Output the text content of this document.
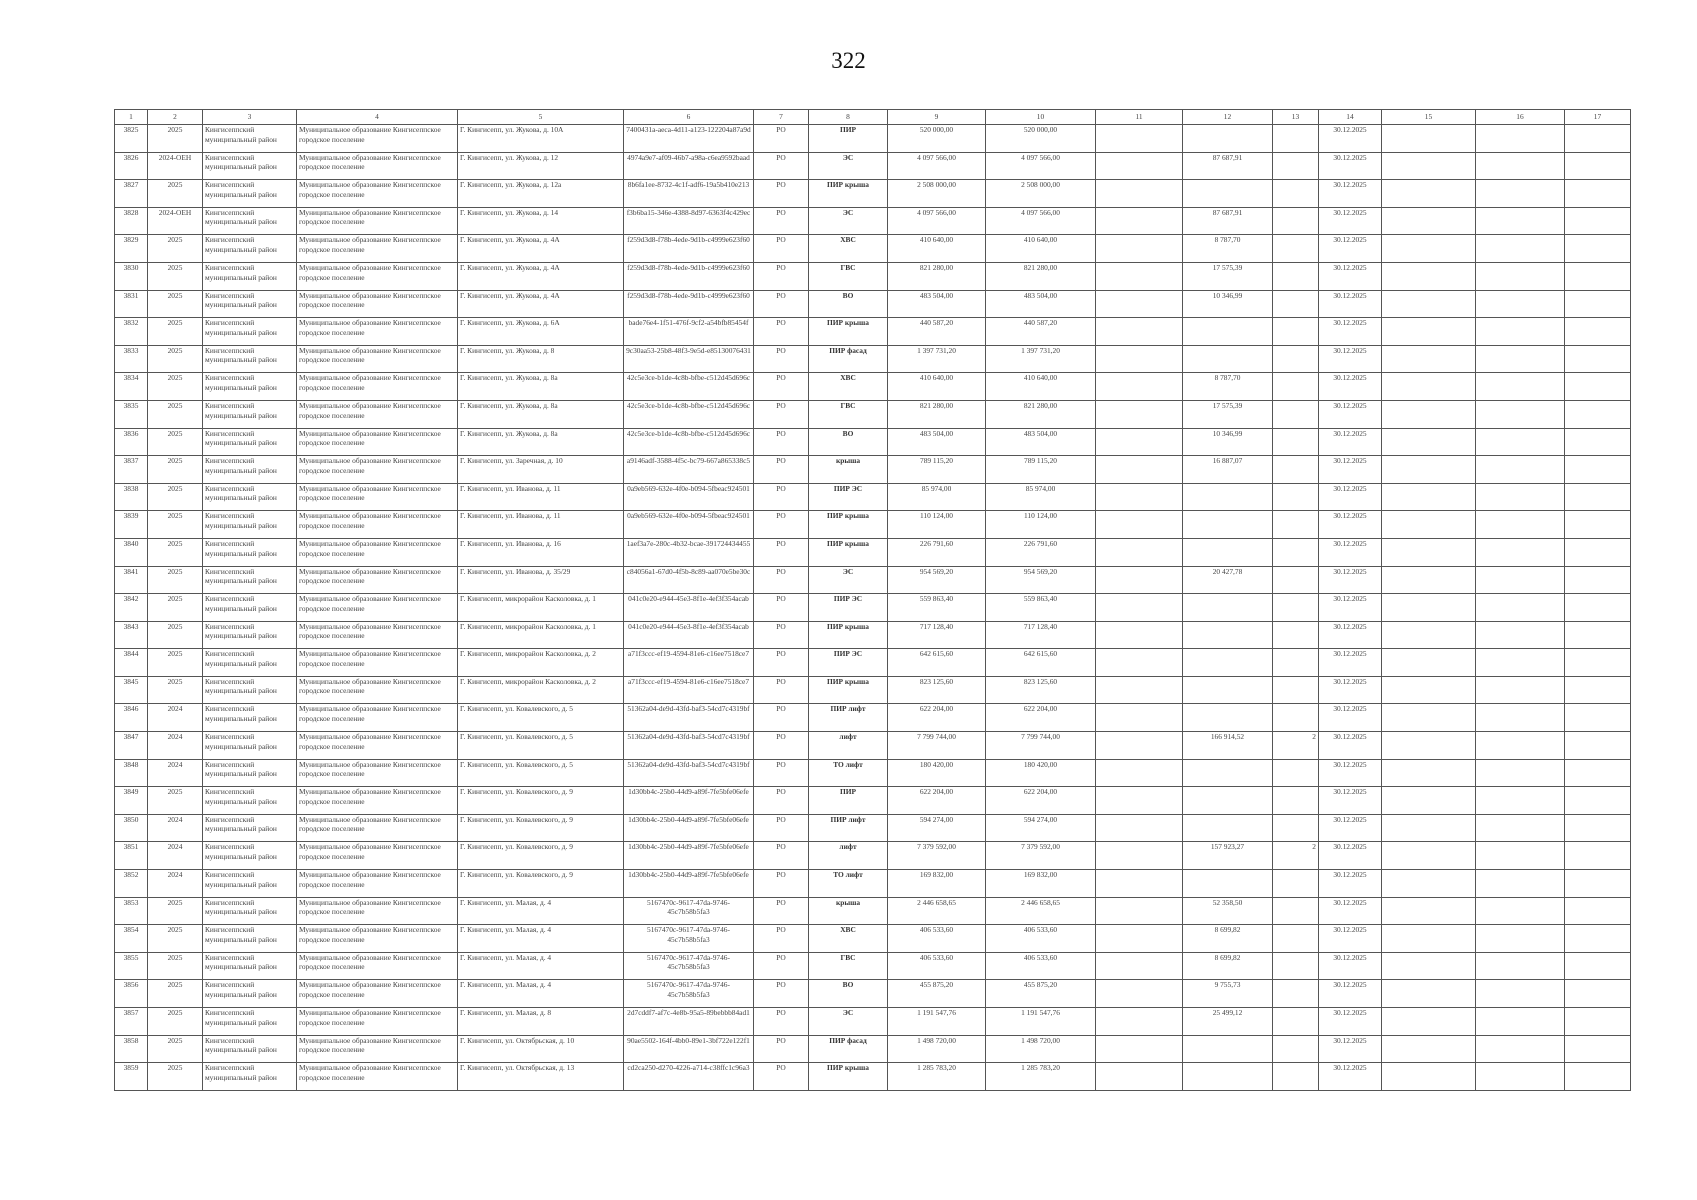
322
1	2	3	4	5	6	7	8	9	10	11	12	13	14	15	16	17
3825	2025	Кингисеппский муниципальный район	Муниципальное образование Кингисеппское городское поселение	Г. Кингисепп, ул. Жукова, д. 10А	7400431a-aeca-4d11-a123-122204a87a9d	РО	ПИР	520 000,00	520 000,00				30.12.2025			
3826	2024-ОЕН	Кингисеппский муниципальный район	Муниципальное образование Кингисеппское городское поселение	Г. Кингисепп, ул. Жукова, д. 12	4974a9e7-af09-46b7-a98a-c6ea9592baad	РО	ЭС	4 097 566,00	4 097 566,00		87 687,91		30.12.2025			
3827	2025	Кингисеппский муниципальный район	Муниципальное образование Кингисеппское городское поселение	Г. Кингисепп, ул. Жукова, д. 12а	8b6fa1ee-8732-4c1f-adf6-19a5b410e213	РО	ПИР крыша	2 508 000,00	2 508 000,00				30.12.2025			
3828	2024-ОЕН	Кингисеппский муниципальный район	Муниципальное образование Кингисеппское городское поселение	Г. Кингисепп, ул. Жукова, д. 14	f3b6ba15-346e-4388-8d97-6363f4c429ec	РО	ЭС	4 097 566,00	4 097 566,00		87 687,91		30.12.2025			
3829	2025	Кингисеппский муниципальный район	Муниципальное образование Кингисеппское городское поселение	Г. Кингисепп, ул. Жукова, д. 4А	f259d3d8-f78b-4ede-9d1b-c4999e623f60	РО	ХВС	410 640,00	410 640,00		8 787,70		30.12.2025			
3830	2025	Кингисеппский муниципальный район	Муниципальное образование Кингисеппское городское поселение	Г. Кингисепп, ул. Жукова, д. 4А	f259d3d8-f78b-4ede-9d1b-c4999e623f60	РО	ГВС	821 280,00	821 280,00		17 575,39		30.12.2025			
3831	2025	Кингисеппский муниципальный район	Муниципальное образование Кингисеппское городское поселение	Г. Кингисепп, ул. Жукова, д. 4А	f259d3d8-f78b-4ede-9d1b-c4999e623f60	РО	ВО	483 504,00	483 504,00		10 346,99		30.12.2025			
3832	2025	Кингисеппский муниципальный район	Муниципальное образование Кингисеппское городское поселение	Г. Кингисепп, ул. Жукова, д. 6А	bade76e4-1f51-476f-9cf2-a54bfb85454f	РО	ПИР крыша	440 587,20	440 587,20				30.12.2025			
3833	2025	Кингисеппский муниципальный район	Муниципальное образование Кингисеппское городское поселение	Г. Кингисепп, ул. Жукова, д. 8	9c30aa53-25b8-48f3-9e5d-e85130076431	РО	ПИР фасад	1 397 731,20	1 397 731,20				30.12.2025			
3834	2025	Кингисеппский муниципальный район	Муниципальное образование Кингисеппское городское поселение	Г. Кингисепп, ул. Жукова, д. 8а	42c5e3ce-b1de-4c8b-bfbe-c512d45d696c	РО	ХВС	410 640,00	410 640,00		8 787,70		30.12.2025			
3835	2025	Кингисеппский муниципальный район	Муниципальное образование Кингисеппское городское поселение	Г. Кингисепп, ул. Жукова, д. 8а	42c5e3ce-b1de-4c8b-bfbe-c512d45d696c	РО	ГВС	821 280,00	821 280,00		17 575,39		30.12.2025			
3836	2025	Кингисеппский муниципальный район	Муниципальное образование Кингисеппское городское поселение	Г. Кингисепп, ул. Жукова, д. 8а	42c5e3ce-b1de-4c8b-bfbe-c512d45d696c	РО	ВО	483 504,00	483 504,00		10 346,99		30.12.2025			
3837	2025	Кингисеппский муниципальный район	Муниципальное образование Кингисеппское городское поселение	Г. Кингисепп, ул. Заречная, д. 10	a9146adf-3588-4f5c-bc79-667a865338c5	РО	крыша	789 115,20	789 115,20		16 887,07		30.12.2025			
3838	2025	Кингисеппский муниципальный район	Муниципальное образование Кингисеппское городское поселение	Г. Кингисепп, ул. Иванова, д. 11	0a9eb569-632e-4f0e-b094-5fbeac924501	РО	ПИР ЭС	85 974,00	85 974,00				30.12.2025			
3839	2025	Кингисеппский муниципальный район	Муниципальное образование Кингисеппское городское поселение	Г. Кингисепп, ул. Иванова, д. 11	0a9eb569-632e-4f0e-b094-5fbeac924501	РО	ПИР крыша	110 124,00	110 124,00				30.12.2025			
3840	2025	Кингисеппский муниципальный район	Муниципальное образование Кингисеппское городское поселение	Г. Кингисепп, ул. Иванова, д. 16	1aef3a7e-280c-4b32-bcae-391724434455	РО	ПИР крыша	226 791,60	226 791,60				30.12.2025			
3841	2025	Кингисеппский муниципальный район	Муниципальное образование Кингисеппское городское поселение	Г. Кингисепп, ул. Иванова, д. 35/29	c84056a1-67d0-4f5b-8c89-aa070e5be30c	РО	ЭС	954 569,20	954 569,20		20 427,78		30.12.2025			
3842	2025	Кингисеппский муниципальный район	Муниципальное образование Кингисеппское городское поселение	Г. Кингисепп, микрорайон Касколовка, д. 1	041c0e20-e944-45e3-8f1e-4ef3f354acab	РО	ПИР ЭС	559 863,40	559 863,40				30.12.2025			
3843	2025	Кингисеппский муниципальный район	Муниципальное образование Кингисеппское городское поселение	Г. Кингисепп, микрорайон Касколовка, д. 1	041c0e20-e944-45e3-8f1e-4ef3f354acab	РО	ПИР крыша	717 128,40	717 128,40				30.12.2025			
3844	2025	Кингисеппский муниципальный район	Муниципальное образование Кингисеппское городское поселение	Г. Кингисепп, микрорайон Касколовка, д. 2	a71f3ccc-ef19-4594-81e6-c16ee7518ce7	РО	ПИР ЭС	642 615,60	642 615,60				30.12.2025			
3845	2025	Кингисеппский муниципальный район	Муниципальное образование Кингисеппское городское поселение	Г. Кингисепп, микрорайон Касколовка, д. 2	a71f3ccc-ef19-4594-81e6-c16ee7518ce7	РО	ПИР крыша	823 125,60	823 125,60				30.12.2025			
3846	2024	Кингисеппский муниципальный район	Муниципальное образование Кингисеппское городское поселение	Г. Кингисепп, ул. Ковалевского, д. 5	51362a04-de9d-43fd-baf3-54cd7c4319bf	РО	ПИР лифт	622 204,00	622 204,00				30.12.2025			
3847	2024	Кингисеппский муниципальный район	Муниципальное образование Кингисеппское городское поселение	Г. Кингисепп, ул. Ковалевского, д. 5	51362a04-de9d-43fd-baf3-54cd7c4319bf	РО	лифт	7 799 744,00	7 799 744,00		166 914,52	2	30.12.2025			
3848	2024	Кингисеппский муниципальный район	Муниципальное образование Кингисеппское городское поселение	Г. Кингисепп, ул. Ковалевского, д. 5	51362a04-de9d-43fd-baf3-54cd7c4319bf	РО	ТО лифт	180 420,00	180 420,00				30.12.2025			
3849	2025	Кингисеппский муниципальный район	Муниципальное образование Кингисеппское городское поселение	Г. Кингисепп, ул. Ковалевского, д. 9	1d30bb4c-25b0-44d9-a89f-7fe5bfe06efe	РО	ПИР	622 204,00	622 204,00				30.12.2025			
3850	2024	Кингисеппский муниципальный район	Муниципальное образование Кингисеппское городское поселение	Г. Кингисепп, ул. Ковалевского, д. 9	1d30bb4c-25b0-44d9-a89f-7fe5bfe06efe	РО	ПИР лифт	594 274,00	594 274,00				30.12.2025			
3851	2024	Кингисеппский муниципальный район	Муниципальное образование Кингисеппское городское поселение	Г. Кингисепп, ул. Ковалевского, д. 9	1d30bb4c-25b0-44d9-a89f-7fe5bfe06efe	РО	лифт	7 379 592,00	7 379 592,00		157 923,27	2	30.12.2025			
3852	2024	Кингисеппский муниципальный район	Муниципальное образование Кингисеппское городское поселение	Г. Кингисепп, ул. Ковалевского, д. 9	1d30bb4c-25b0-44d9-a89f-7fe5bfe06efe	РО	ТО лифт	169 832,00	169 832,00				30.12.2025			
3853	2025	Кингисеппский муниципальный район	Муниципальное образование Кингисеппское городское поселение	Г. Кингисепп, ул. Малая, д. 4	5167470c-9617-47da-9746-45c7b58b5fa3	РО	крыша	2 446 658,65	2 446 658,65		52 358,50		30.12.2025			
3854	2025	Кингисеппский муниципальный район	Муниципальное образование Кингисеппское городское поселение	Г. Кингисепп, ул. Малая, д. 4	5167470c-9617-47da-9746-45c7b58b5fa3	РО	ХВС	406 533,60	406 533,60		8 699,82		30.12.2025			
3855	2025	Кингисеппский муниципальный район	Муниципальное образование Кингисеппское городское поселение	Г. Кингисепп, ул. Малая, д. 4	5167470c-9617-47da-9746-45c7b58b5fa3	РО	ГВС	406 533,60	406 533,60		8 699,82		30.12.2025			
3856	2025	Кингисеппский муниципальный район	Муниципальное образование Кингисеппское городское поселение	Г. Кингисепп, ул. Малая, д. 4	5167470c-9617-47da-9746-45c7b58b5fa3	РО	ВО	455 875,20	455 875,20		9 755,73		30.12.2025			
3857	2025	Кингисеппский муниципальный район	Муниципальное образование Кингисеппское городское поселение	Г. Кингисепп, ул. Малая, д. 8	2d7cddf7-af7c-4e8b-95a5-89bebbb84ad1	РО	ЭС	1 191 547,76	1 191 547,76		25 499,12		30.12.2025			
3858	2025	Кингисеппский муниципальный район	Муниципальное образование Кингисеппское городское поселение	Г. Кингисепп, ул. Октябрьская, д. 10	90ae5502-164f-4bb0-89e1-3bf722e122f1	РО	ПИР фасад	1 498 720,00	1 498 720,00				30.12.2025			
3859	2025	Кингисеппский муниципальный район	Муниципальное образование Кингисеппское городское поселение	Г. Кингисепп, ул. Октябрьская, д. 13	cd2ca250-d270-4226-a714-c38ffc1c96a3	РО	ПИР крыша	1 285 783,20	1 285 783,20				30.12.2025			
